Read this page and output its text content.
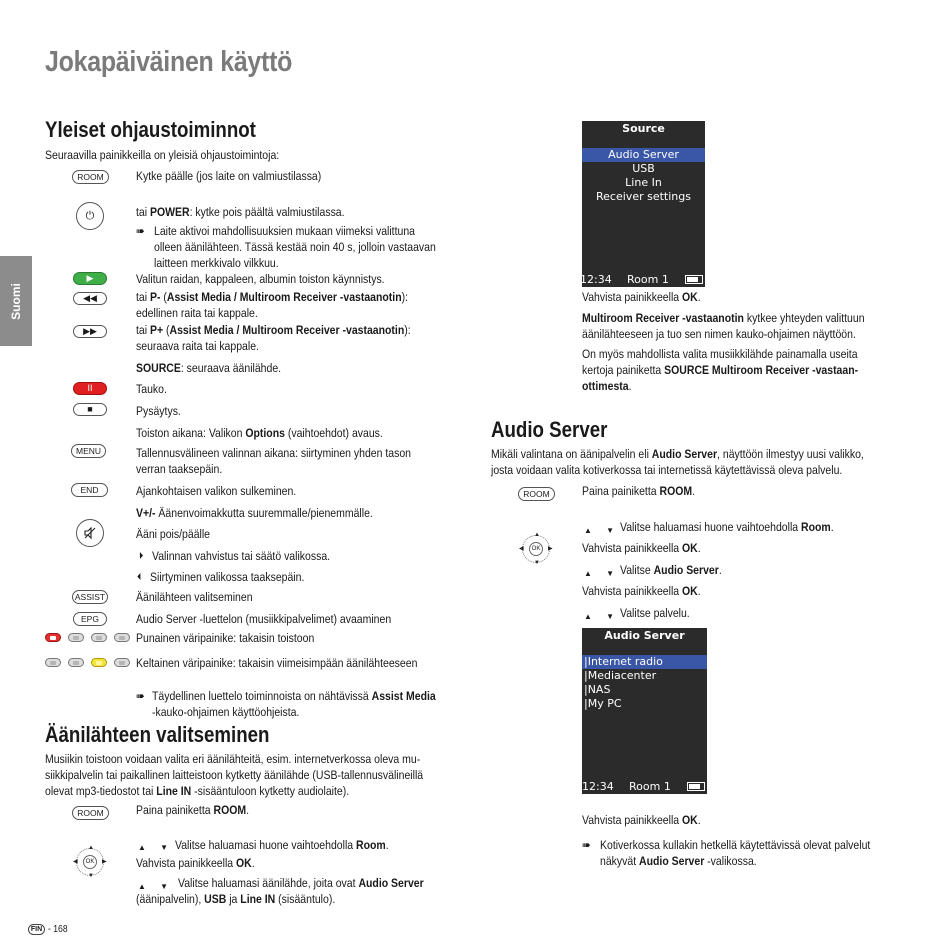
Jokapäiväinen käyttö
Suomi
Yleiset ohjaustoiminnot
Seuraavilla painikkeilla on yleisiä ohjaustoimintoja:
ROOM	Kytke päälle (jos laite on valmiustilassa)
⏻	tai POWER: kytke pois päältä valmiustilassa.
➠ Laite aktivoi mahdollisuuksien mukaan viimeksi valittuna
olleen äänilähteen. Tässä kestää noin 40 s, jolloin vastaavan
laitteen merkkivalo vilkkuu.
▶	Valitun raidan, kappaleen, albumin toiston käynnistys.
◀◀	tai P- (Assist Media / Multiroom Receiver -vastaanotin):
edellinen raita tai kappale.
▶▶	tai P+ (Assist Media / Multiroom Receiver -vastaanotin):
seuraava raita tai kappale.
SOURCE: seuraava äänilähde.
II	Tauko.
■	Pysäytys.
Toiston aikana: Valikon Options (vaihtoehdot) avaus.
MENU	Tallennusvälineen valinnan aikana: siirtyminen yhden tason
verran taaksepäin.
END	Ajankohtaisen valikon sulkeminen.
V+/- Äänenvoimakkutta suuremmalle/pienemmälle.
Ääni pois/päälle
⏵ Valinnan vahvistus tai säätö valikossa.
⏴ Siirtyminen valikossa taaksepäin.
ASSIST	Äänilähteen valitseminen
EPG	Audio Server -luettelon (musiikkipalvelimet) avaaminen
Punainen väripainike: takaisin toistoon
Keltainen väripainike: takaisin viimeisimpään äänilähteeseen
➠ Täydellinen luettelo toiminnoista on nähtävissä Assist Media
-kauko-ohjaimen käyttöohjeista.
Äänilähteen valitseminen
Musiikin toistoon voidaan valita eri äänilähteitä, esim. internetverkossa oleva mu-
siikkipalvelin tai paikallinen laitteistoon kytketty äänilähde (USB-tallennusvälineillä
olevat mp3-tiedostot tai Line IN -sisääntuloon kytketty audiolaite).
ROOM	Paina painiketta ROOM.
OK
▲
▼
◀	▶
▲ ▼ Valitse haluamasi huone vaihtoehdolla Room.
Vahvista painikkeella OK.
▲ ▼ Valitse haluamasi äänilähde, joita ovat Audio Server
(äänipalvelin), USB ja Line IN (sisääntulo).
FIN - 168
Source
Audio Server
USB
Line In
Receiver settings
12:34 Room 1
Vahvista painikkeella OK.
Multiroom Receiver -vastaanotin kytkee yhteyden valittuun
äänilähteeseen ja tuo sen nimen kauko-ohjaimen näyttöön.
On myös mahdollista valita musiikkilähde painamalla useita
kertoja painiketta SOURCE Multiroom Receiver -vastaan-
ottimesta.
Audio Server
Mikäli valintana on äänipalvelin eli Audio Server, näyttöön ilmestyy uusi valikko,
josta voidaan valita kotiverkossa tai internetissä käytettävissä oleva palvelu.
ROOM	Paina painiketta ROOM.
OK
▲
▼
◀	▶
▲ ▼ Valitse haluamasi huone vaihtoehdolla Room.
Vahvista painikkeella OK.
▲ ▼ Valitse Audio Server.
Vahvista painikkeella OK.
▲ ▼ Valitse palvelu.
Audio Server
|Internet radio
|Mediacenter
|NAS
|My PC
12:34 Room 1
Vahvista painikkeella OK.
➠ Kotiverkossa kullakin hetkellä käytettävissä olevat palvelut
näkyvät Audio Server -valikossa.
